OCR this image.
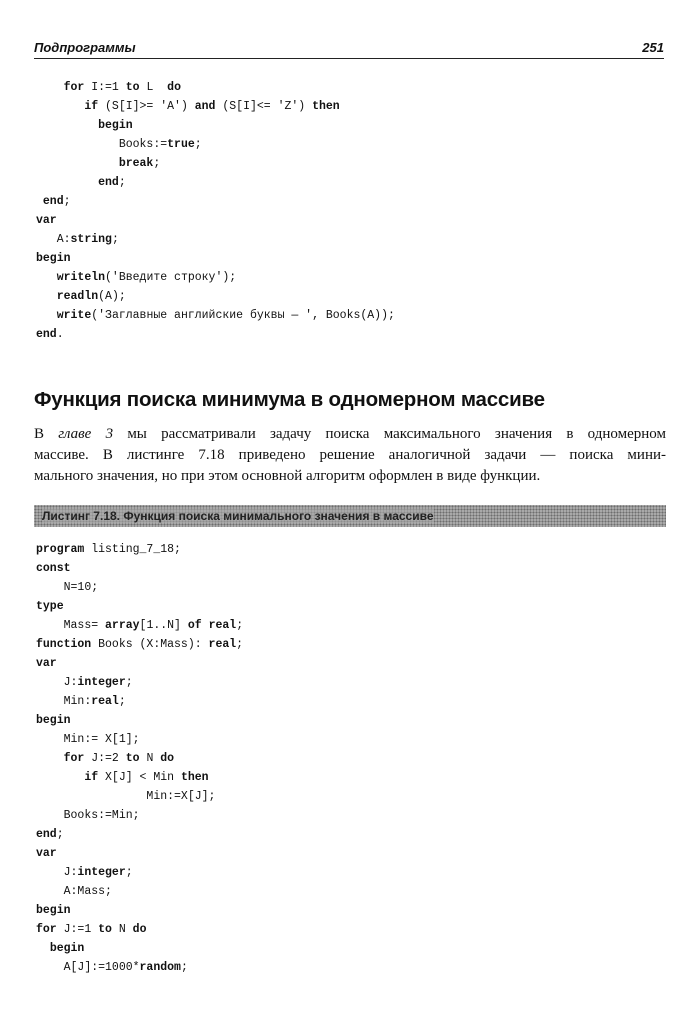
Подпрограммы	251
for I:=1 to L  do
if (S[I]>= 'A') and (S[I]<= 'Z') then
begin
Books:=true;
break;
end;
end;
var
A:string;
begin
writeln('Введите строку');
readln(A);
write('Заглавные английские буквы — ', Books(A));
end.
Функция поиска минимума в одномерном массиве
В главе 3 мы рассматривали задачу поиска максимального значения в одномерном
массиве. В листинге 7.18 приведено решение аналогичной задачи — поиска мини-
мального значения, но при этом основной алгоритм оформлен в виде функции.
Листинг 7.18. Функция поиска минимального значения в массиве
program listing_7_18;
const
N=10;
type
Mass= array[1..N] of real;
function Books (X:Mass): real;
var
J:integer;
Min:real;
begin
Min:= X[1];
for J:=2 to N do
if X[J] < Min then
Min:=X[J];
Books:=Min;
end;
var
J:integer;
A:Mass;
begin
for J:=1 to N do
begin
A[J]:=1000*random;
